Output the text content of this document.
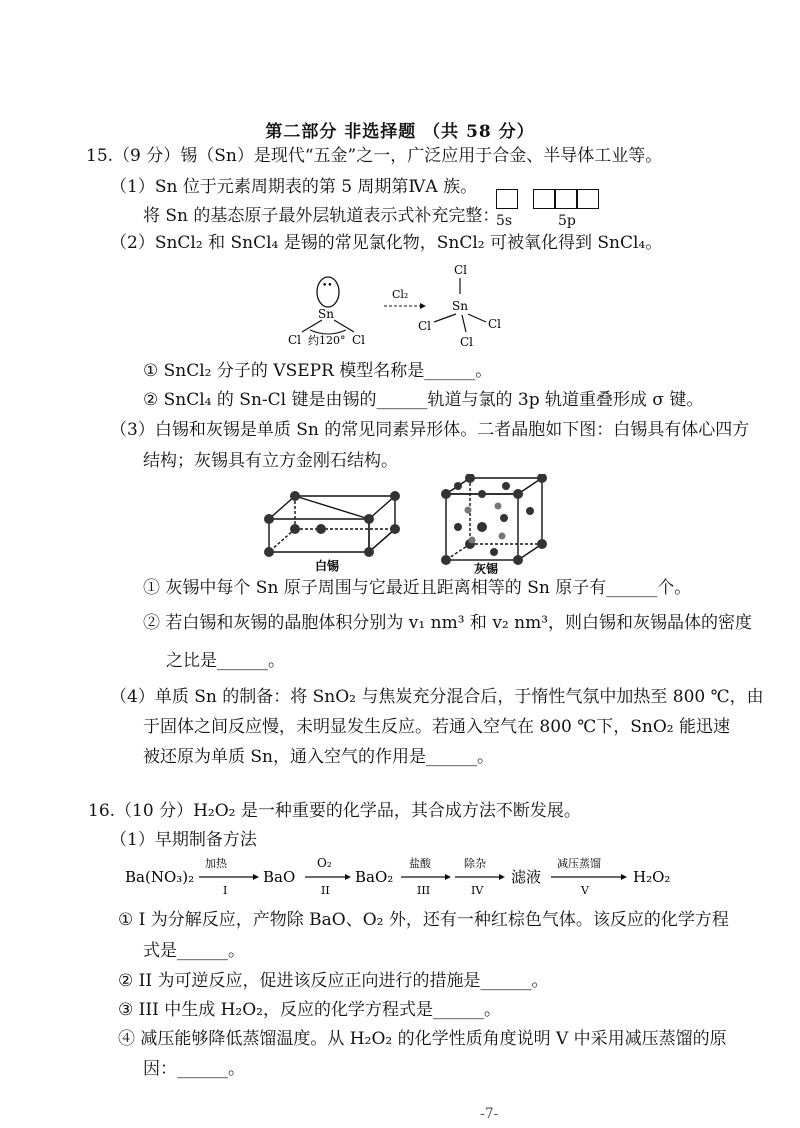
第二部分 非选择题 （共 58 分）
15.（9 分）锡（Sn）是现代“五金”之一，广泛应用于合金、半导体工业等。
（1）Sn 位于元素周期表的第 5 周期第ⅣA 族。
将 Sn 的基态原子最外层轨道表示式补充完整：
5s	5p
（2）SnCl₂ 和 SnCl₄ 是锡的常见氯化物，SnCl₂ 可被氧化得到 SnCl₄。
••
Sn
Cl 约120° Cl
Cl₂
Cl
Sn
Cl	Cl
Cl
① SnCl₂ 分子的 VSEPR 模型名称是______。
② SnCl₄ 的 Sn-Cl 键是由锡的______轨道与氯的 3p 轨道重叠形成 σ 键。
（3）白锡和灰锡是单质 Sn 的常见同素异形体。二者晶胞如下图：白锡具有体心四方
结构；灰锡具有立方金刚石结构。
白锡	灰锡
① 灰锡中每个 Sn 原子周围与它最近且距离相等的 Sn 原子有______个。
② 若白锡和灰锡的晶胞体积分别为 v₁ nm³ 和 v₂ nm³，则白锡和灰锡晶体的密度
之比是______。
（4）单质 Sn 的制备：将 SnO₂ 与焦炭充分混合后，于惰性气氛中加热至 800 ℃，由
于固体之间反应慢，未明显发生反应。若通入空气在 800 ℃下，SnO₂ 能迅速
被还原为单质 Sn，通入空气的作用是______。
16.（10 分）H₂O₂ 是一种重要的化学品，其合成方法不断发展。
（1）早期制备方法
Ba(NO₃)₂
加热
I
BaO
O₂
II
BaO₂
盐酸
III
除杂
IV
滤液
减压蒸馏
V
H₂O₂
① I 为分解反应，产物除 BaO、O₂ 外，还有一种红棕色气体。该反应的化学方程
式是______。
② II 为可逆反应，促进该反应正向进行的措施是______。
③ III 中生成 H₂O₂，反应的化学方程式是______。
④ 减压能够降低蒸馏温度。从 H₂O₂ 的化学性质角度说明 V 中采用减压蒸馏的原
因：______。
-7-
